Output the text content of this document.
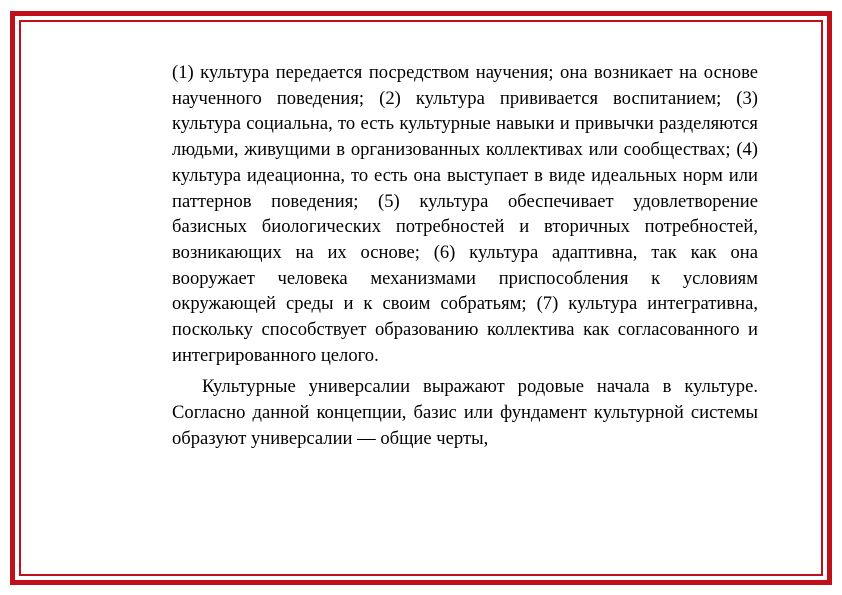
(1) культура передается посредством научения; она возникает на основе наученного поведения; (2) культура прививается воспитанием; (3) культура социальна, то есть культурные навыки и привычки разделяются людьми, живущими в организованных коллективах или сообществах; (4) культура идеационна, то есть она выступает в виде идеальных норм или паттернов поведения; (5) культура обеспечивает удовлетворение базисных биологических потребностей и вторичных потребностей, возникающих на их основе; (6) культура адаптивна, так как она вооружает человека механизмами приспособления к условиям окружающей среды и к своим собратьям; (7) культура интегративна, поскольку способствует образованию коллектива как согласованного и интегрированного целого.

Культурные универсалии выражают родовые начала в культуре. Согласно данной концепции, базис или фундамент культурной системы образуют универсалии — общие черты,
